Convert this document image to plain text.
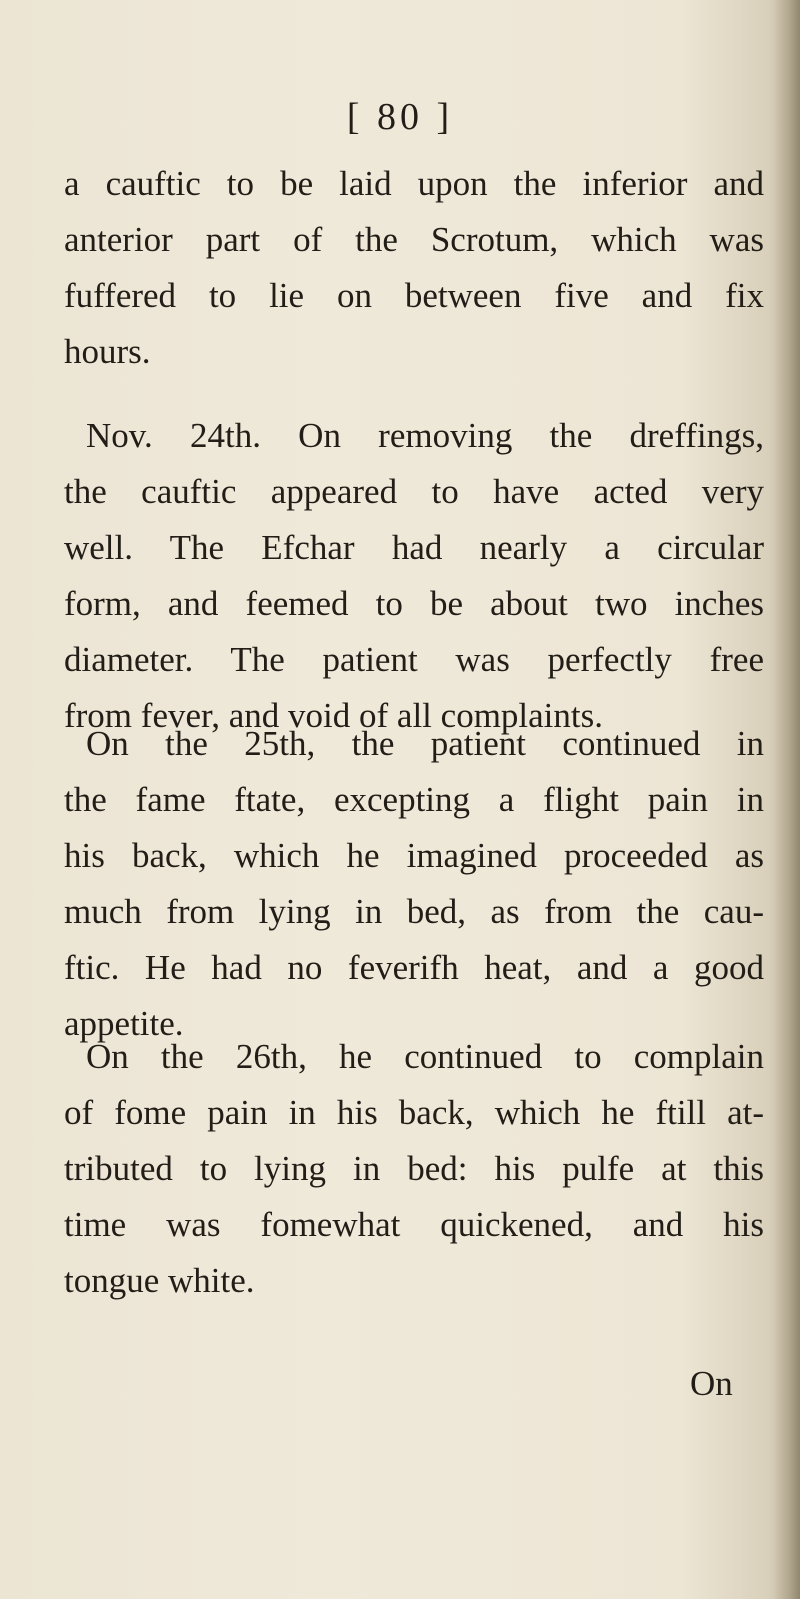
[ 80 ]
a cauftic to be laid upon the inferior and
anterior part of the Scrotum, which was
fuffered to lie on between five and fix
hours.
Nov. 24th. On removing the dreffings,
the cauftic appeared to have acted very
well. The Efchar had nearly a circular
form, and feemed to be about two inches
diameter. The patient was perfectly free
from fever, and void of all complaints.
On the 25th, the patient continued in
the fame ftate, excepting a flight pain in
his back, which he imagined proceeded as
much from lying in bed, as from the cau-
ftic. He had no feverifh heat, and a good
appetite.
On the 26th, he continued to complain
of fome pain in his back, which he ftill at-
tributed to lying in bed: his pulfe at this
time was fomewhat quickened, and his
tongue white.
On
